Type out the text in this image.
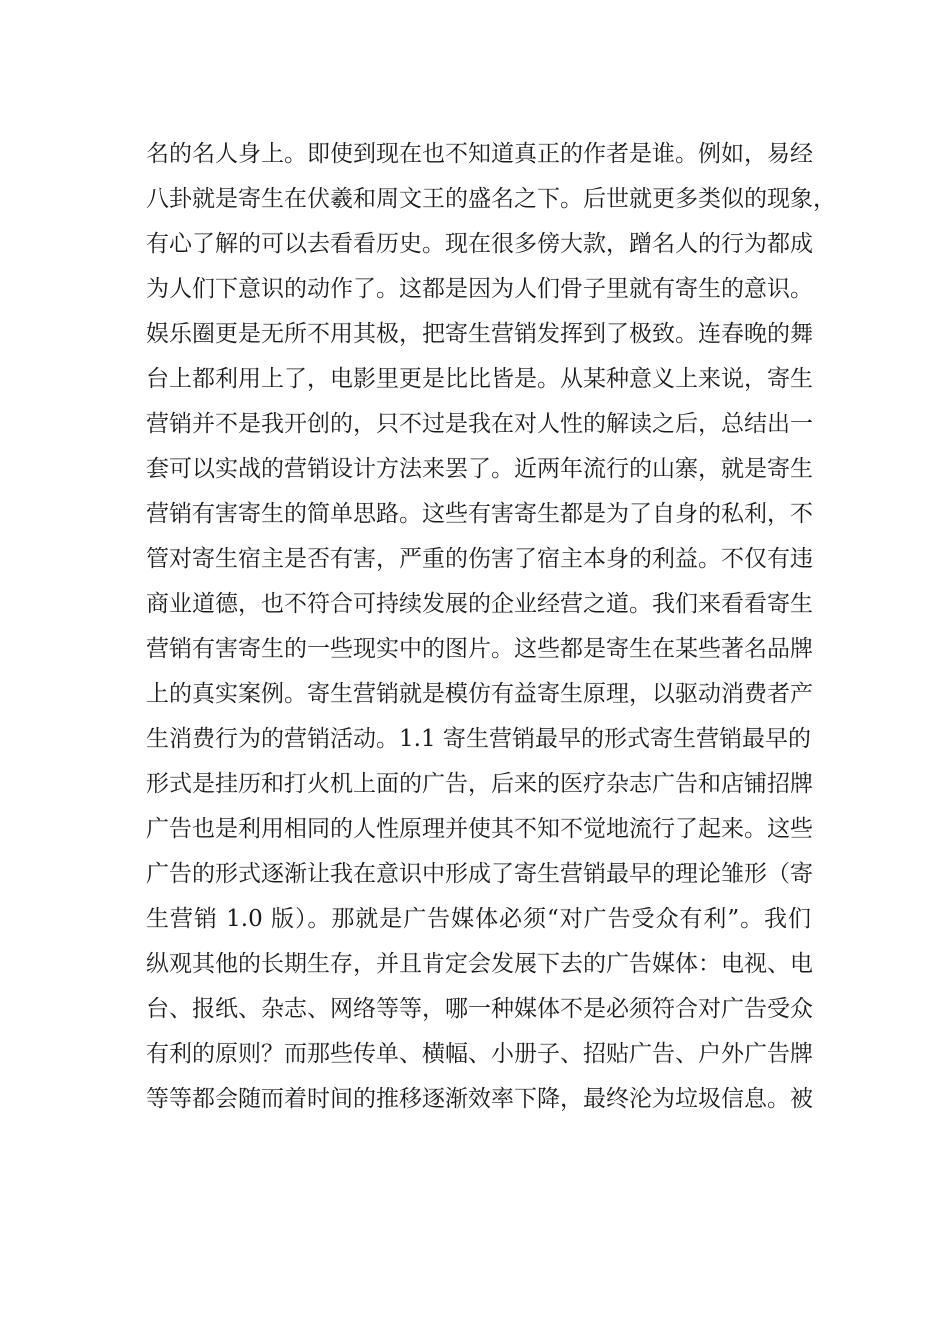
名的名人身上。即使到现在也不知道真正的作者是谁。例如，易经
八卦就是寄生在伏羲和周文王的盛名之下。后世就更多类似的现象，
有心了解的可以去看看历史。现在很多傍大款，蹭名人的行为都成
为人们下意识的动作了。这都是因为人们骨子里就有寄生的意识。
娱乐圈更是无所不用其极，把寄生营销发挥到了极致。连春晚的舞
台上都利用上了，电影里更是比比皆是。从某种意义上来说，寄生
营销并不是我开创的，只不过是我在对人性的解读之后，总结出一
套可以实战的营销设计方法来罢了。近两年流行的山寨，就是寄生
营销有害寄生的简单思路。这些有害寄生都是为了自身的私利，不
管对寄生宿主是否有害，严重的伤害了宿主本身的利益。不仅有违
商业道德，也不符合可持续发展的企业经营之道。我们来看看寄生
营销有害寄生的一些现实中的图片。这些都是寄生在某些著名品牌
上的真实案例。寄生营销就是模仿有益寄生原理，以驱动消费者产
生消费行为的营销活动。1.1 寄生营销最早的形式寄生营销最早的
形式是挂历和打火机上面的广告，后来的医疗杂志广告和店铺招牌
广告也是利用相同的人性原理并使其不知不觉地流行了起来。这些
广告的形式逐渐让我在意识中形成了寄生营销最早的理论雏形（寄
生营销 1.0 版）。那就是广告媒体必须“对广告受众有利”。我们
纵观其他的长期生存，并且肯定会发展下去的广告媒体：电视、电
台、报纸、杂志、网络等等，哪一种媒体不是必须符合对广告受众
有利的原则？而那些传单、横幅、小册子、招贴广告、户外广告牌
等等都会随而着时间的推移逐渐效率下降，最终沦为垃圾信息。被
